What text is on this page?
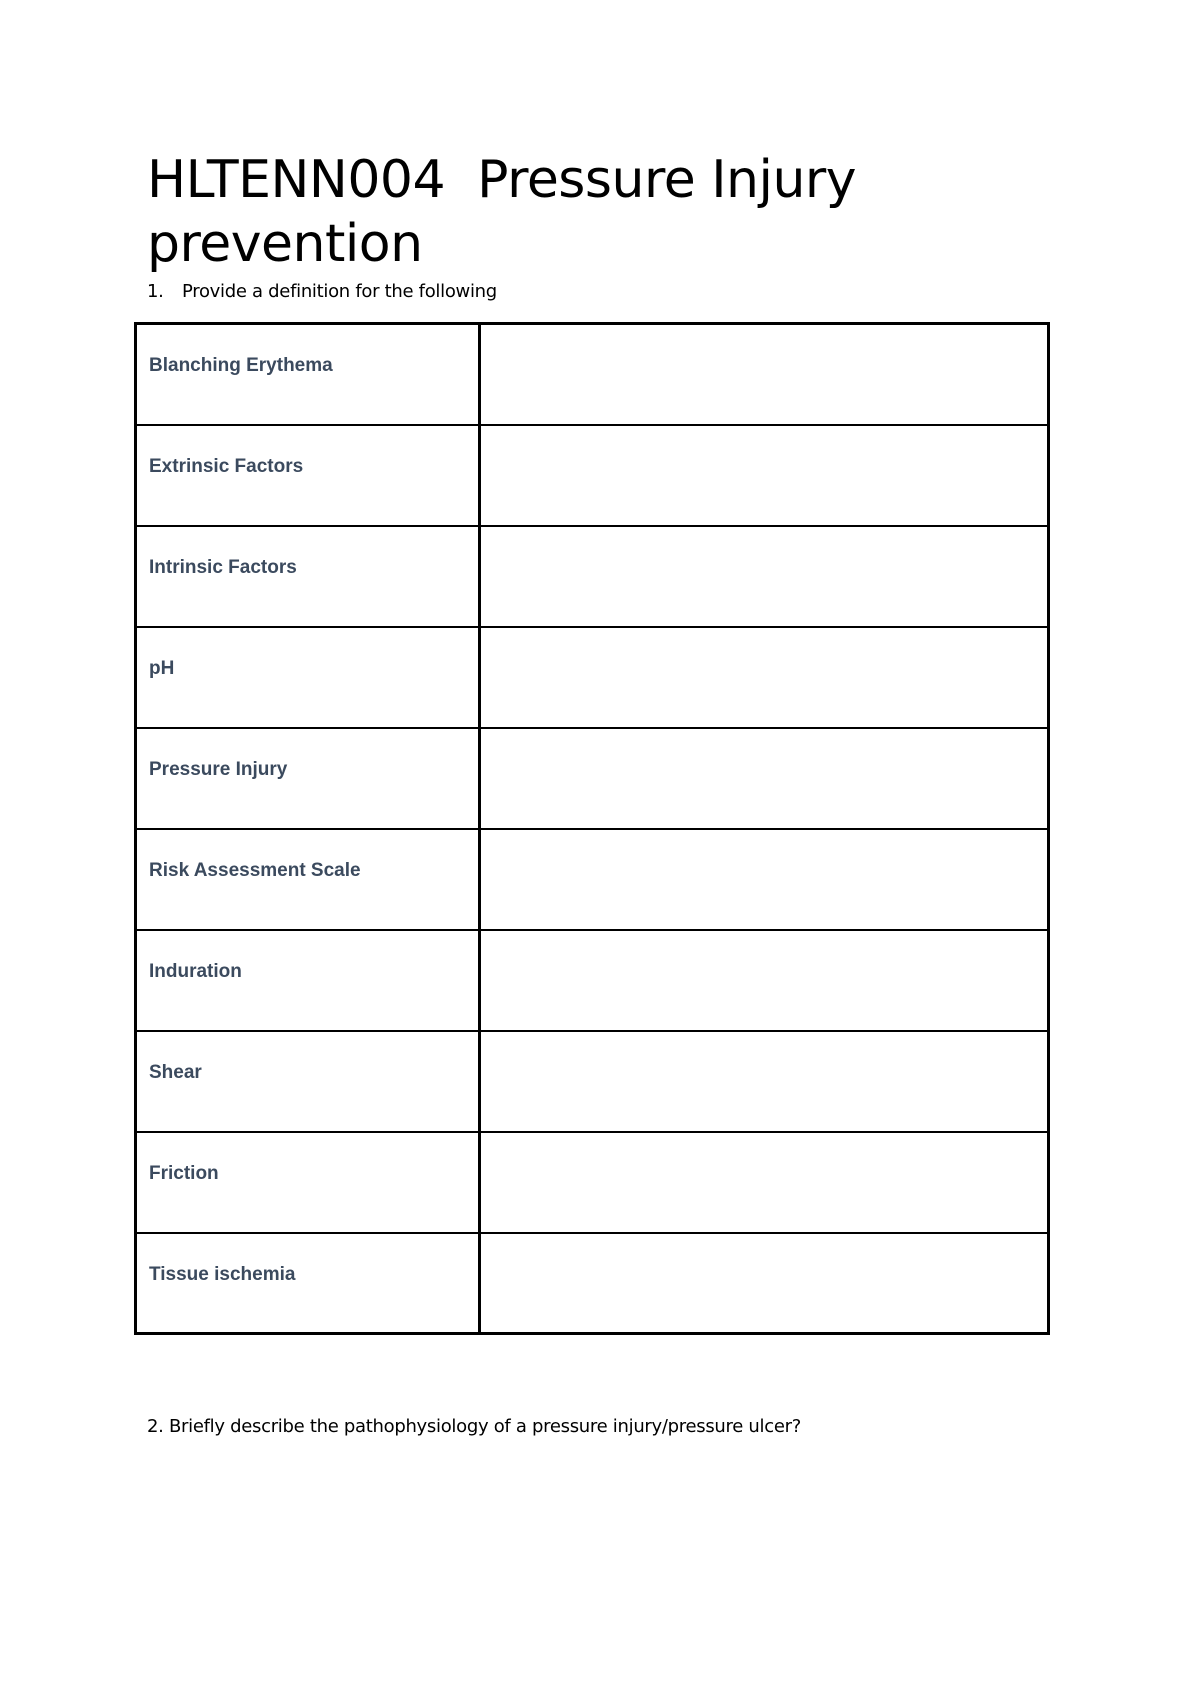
HLTENN004  Pressure Injury prevention
1. Provide a definition for the following
Blanching Erythema	
Extrinsic Factors	
Intrinsic Factors	
pH	
Pressure Injury	
Risk Assessment Scale	
Induration	
Shear	
Friction	
Tissue ischemia	
2. Briefly describe the pathophysiology of a pressure injury/pressure ulcer?
